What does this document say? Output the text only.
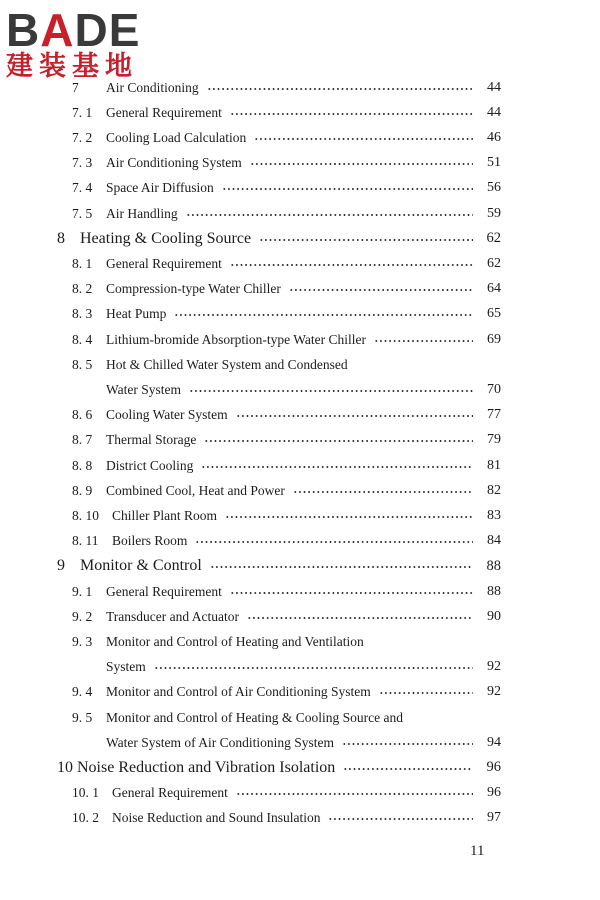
BADE
建装基地
7	Air Conditioning	44
7. 1	General Requirement	44
7. 2	Cooling Load Calculation	46
7. 3	Air Conditioning System	51
7. 4	Space Air Diffusion	56
7. 5	Air Handling	59
8 Heating & Cooling Source	62
8. 1	General Requirement	62
8. 2	Compression-type Water Chiller	64
8. 3	Heat Pump	65
8. 4	Lithium-bromide Absorption-type Water Chiller	69
8. 5	Hot & Chilled Water System and Condensed
Water System	70
8. 6	Cooling Water System	77
8. 7	Thermal Storage	79
8. 8	District Cooling	81
8. 9	Combined Cool, Heat and Power	82
8. 10 Chiller Plant Room	83
8. 11	Boilers Room	84
9 Monitor & Control	88
9. 1	General Requirement	88
9. 2	Transducer and Actuator	90
9. 3	Monitor and Control of Heating and Ventilation
System	92
9. 4	Monitor and Control of Air Conditioning System	92
9. 5	Monitor and Control of Heating & Cooling Source and
Water System of Air Conditioning System	94
10 Noise Reduction and Vibration Isolation	96
10. 1 General Requirement	96
10. 2 Noise Reduction and Sound Insulation	97
11
